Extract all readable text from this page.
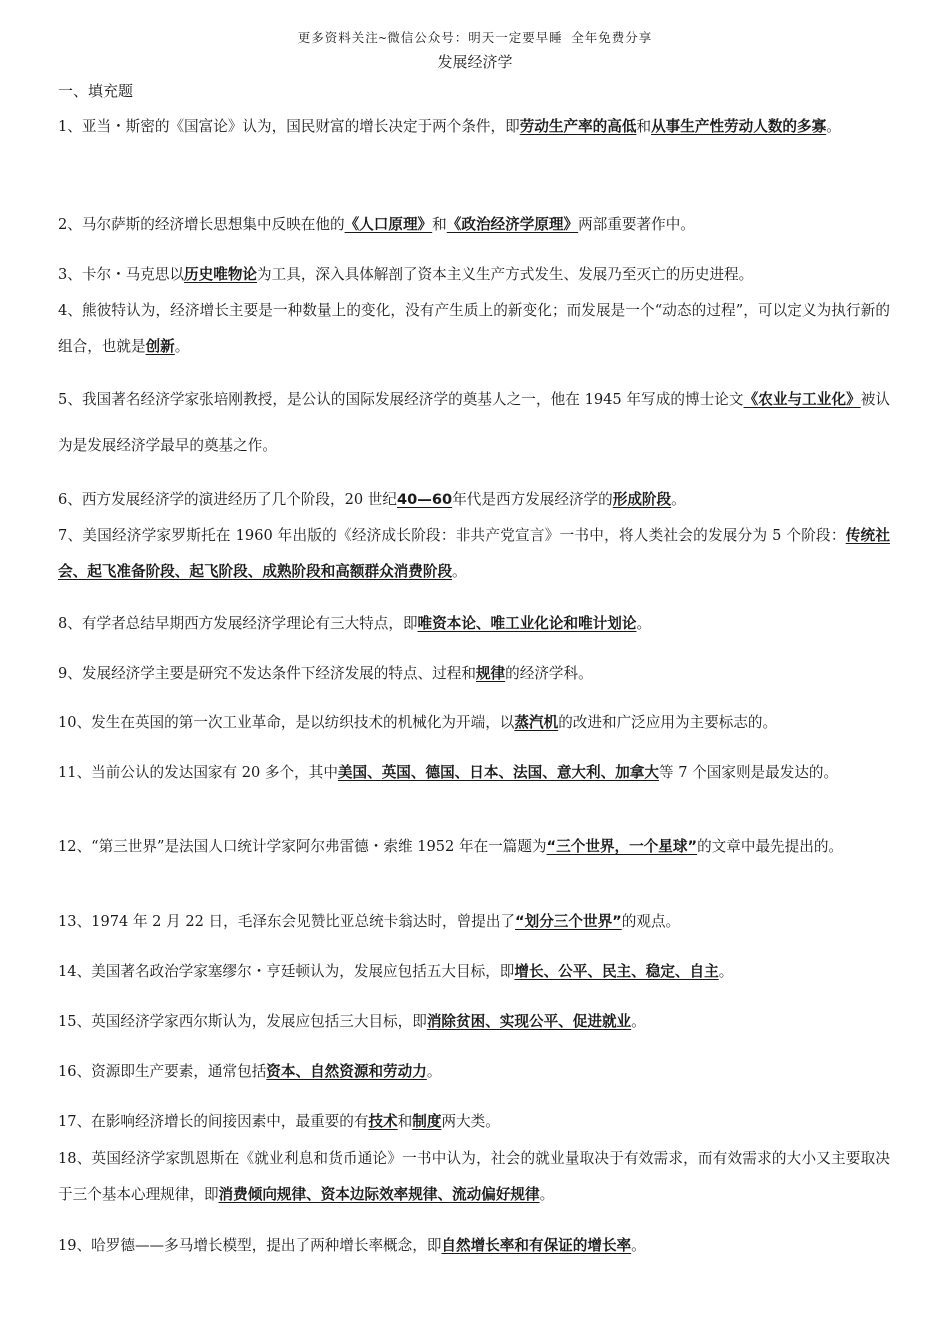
更多资料关注~微信公众号：明天一定要早睡 全年免费分享
发展经济学
一、填充题
1、亚当・斯密的《国富论》认为，国民财富的增长决定于两个条件，即劳动生产率的高低和从事生产性劳动人数的多寡。
2、马尔萨斯的经济增长思想集中反映在他的《人口原理》和《政治经济学原理》两部重要著作中。
3、卡尔・马克思以历史唯物论为工具，深入具体解剖了资本主义生产方式发生、发展乃至灭亡的历史进程。
4、熊彼特认为，经济增长主要是一种数量上的变化，没有产生质上的新变化；而发展是一个“动态的过程”，可以定义为执行新的组合，也就是创新。
5、我国著名经济学家张培刚教授，是公认的国际发展经济学的奠基人之一，他在 1945 年写成的博士论文《农业与工业化》被认为是发展经济学最早的奠基之作。
6、西方发展经济学的演进经历了几个阶段，20 世纪40—60年代是西方发展经济学的形成阶段。
7、美国经济学家罗斯托在 1960 年出版的《经济成长阶段：非共产党宣言》一书中，将人类社会的发展分为 5 个阶段：传统社会、起飞准备阶段、起飞阶段、成熟阶段和高额群众消费阶段。
8、有学者总结早期西方发展经济学理论有三大特点，即唯资本论、唯工业化论和唯计划论。
9、发展经济学主要是研究不发达条件下经济发展的特点、过程和规律的经济学科。
10、发生在英国的第一次工业革命，是以纺织技术的机械化为开端，以蒸汽机的改进和广泛应用为主要标志的。
11、当前公认的发达国家有 20 多个，其中美国、英国、德国、日本、法国、意大利、加拿大等 7 个国家则是最发达的。
12、“第三世界”是法国人口统计学家阿尔弗雷德・索维 1952 年在一篇题为“三个世界，一个星球”的文章中最先提出的。
13、1974 年 2 月 22 日，毛泽东会见赞比亚总统卡翁达时，曾提出了“划分三个世界”的观点。
14、美国著名政治学家塞缪尔・亨廷顿认为，发展应包括五大目标，即增长、公平、民主、稳定、自主。
15、英国经济学家西尔斯认为，发展应包括三大目标，即消除贫困、实现公平、促进就业。
16、资源即生产要素，通常包括资本、自然资源和劳动力。
17、在影响经济增长的间接因素中，最重要的有技术和制度两大类。
18、英国经济学家凯恩斯在《就业利息和货币通论》一书中认为，社会的就业量取决于有效需求，而有效需求的大小又主要取决于三个基本心理规律，即消费倾向规律、资本边际效率规律、流动偏好规律。
19、哈罗德——多马增长模型，提出了两种增长率概念，即自然增长率和有保证的增长率。
